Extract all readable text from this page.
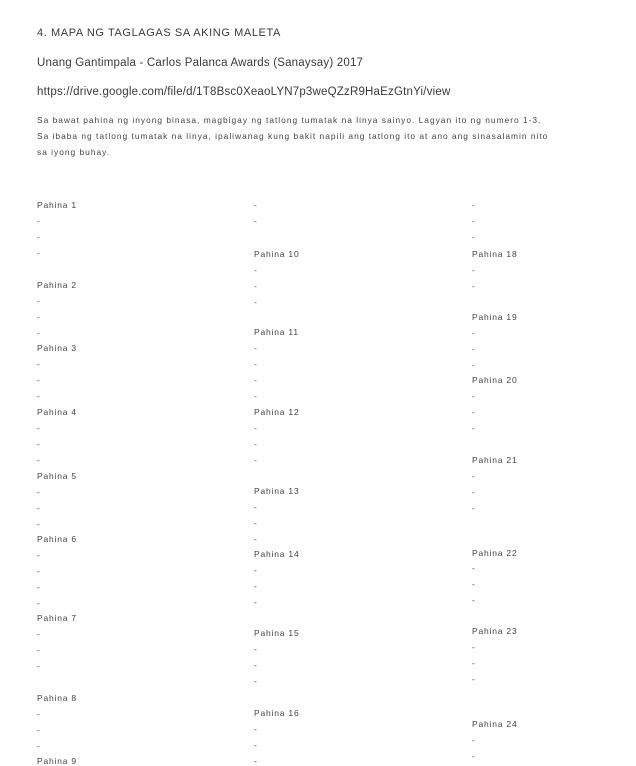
4. MAPA NG TAGLAGAS SA AKING MALETA
Unang Gantimpala - Carlos Palanca Awards (Sanaysay) 2017
https://drive.google.com/file/d/1T8Bsc0XeaoLYN7p3weQZzR9HaEzGtnYi/view
Sa bawat pahina ng inyong binasa, magbigay ng tatlong tumatak na linya sainyo. Lagyan ito ng numero 1-3.
Sa ibaba ng tatlong tumatak na linya, ipaliwanag kung bakit napili ang tatlong ito at ano ang sinasalamin nito
sa iyong buhay.
Pahina 1
-
-
-
Pahina 2
-
-
-
Pahina 3
-
-
-
Pahina 4
-
-
-
Pahina 5
-
-
-
Pahina 6
-
-
-
-
Pahina 7
-
-
-
Pahina 8
-
-
-
Pahina 9
-
-
Pahina 10
-
-
-
Pahina 11
-
-
-
-
Pahina 12
-
-
-
Pahina 13
-
-
-
Pahina 14
-
-
-
Pahina 15
-
-
-
Pahina 16
-
-
-
-
-
-
Pahina 18
-
-
Pahina 19
-
-
-
Pahina 20
-
-
-
Pahina 21
-
-
-
Pahina 22
-
-
-
Pahina 23
-
-
-
Pahina 24
-
-
